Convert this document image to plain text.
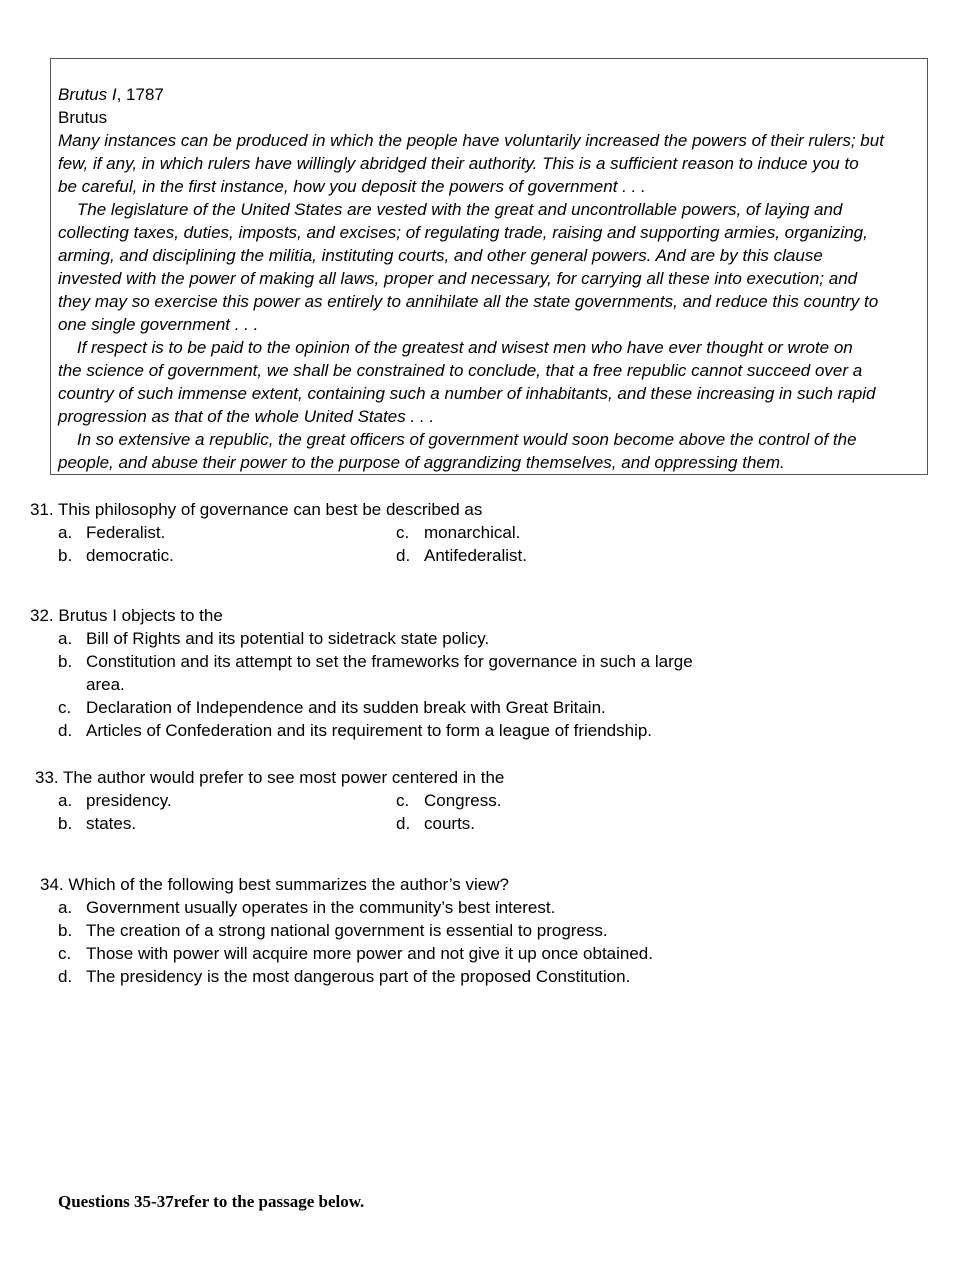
Brutus I, 1787
Brutus
Many instances can be produced in which the people have voluntarily increased the powers of their rulers; but
few, if any, in which rulers have willingly abridged their authority. This is a sufficient reason to induce you to
be careful, in the first instance, how you deposit the powers of government . . .
The legislature of the United States are vested with the great and uncontrollable powers, of laying and
collecting taxes, duties, imposts, and excises; of regulating trade, raising and supporting armies, organizing,
arming, and disciplining the militia, instituting courts, and other general powers. And are by this clause
invested with the power of making all laws, proper and necessary, for carrying all these into execution; and
they may so exercise this power as entirely to annihilate all the state governments, and reduce this country to
one single government . . .
If respect is to be paid to the opinion of the greatest and wisest men who have ever thought or wrote on
the science of government, we shall be constrained to conclude, that a free republic cannot succeed over a
country of such immense extent, containing such a number of inhabitants, and these increasing in such rapid
progression as that of the whole United States . . .
In so extensive a republic, the great officers of government would soon become above the control of the
people, and abuse their power to the purpose of aggrandizing themselves, and oppressing them.
31. This philosophy of governance can best be described as
a. Federalist.
b. democratic.
c. monarchical.
d. Antifederalist.
32. Brutus I objects to the
a. Bill of Rights and its potential to sidetrack state policy.
b. Constitution and its attempt to set the frameworks for governance in such a large
area.
c. Declaration of Independence and its sudden break with Great Britain.
d. Articles of Confederation and its requirement to form a league of friendship.
33. The author would prefer to see most power centered in the
a. presidency.
b. states.
c. Congress.
d. courts.
34. Which of the following best summarizes the author’s view?
a. Government usually operates in the community’s best interest.
b. The creation of a strong national government is essential to progress.
c. Those with power will acquire more power and not give it up once obtained.
d. The presidency is the most dangerous part of the proposed Constitution.
Questions 35-37refer to the passage below.
